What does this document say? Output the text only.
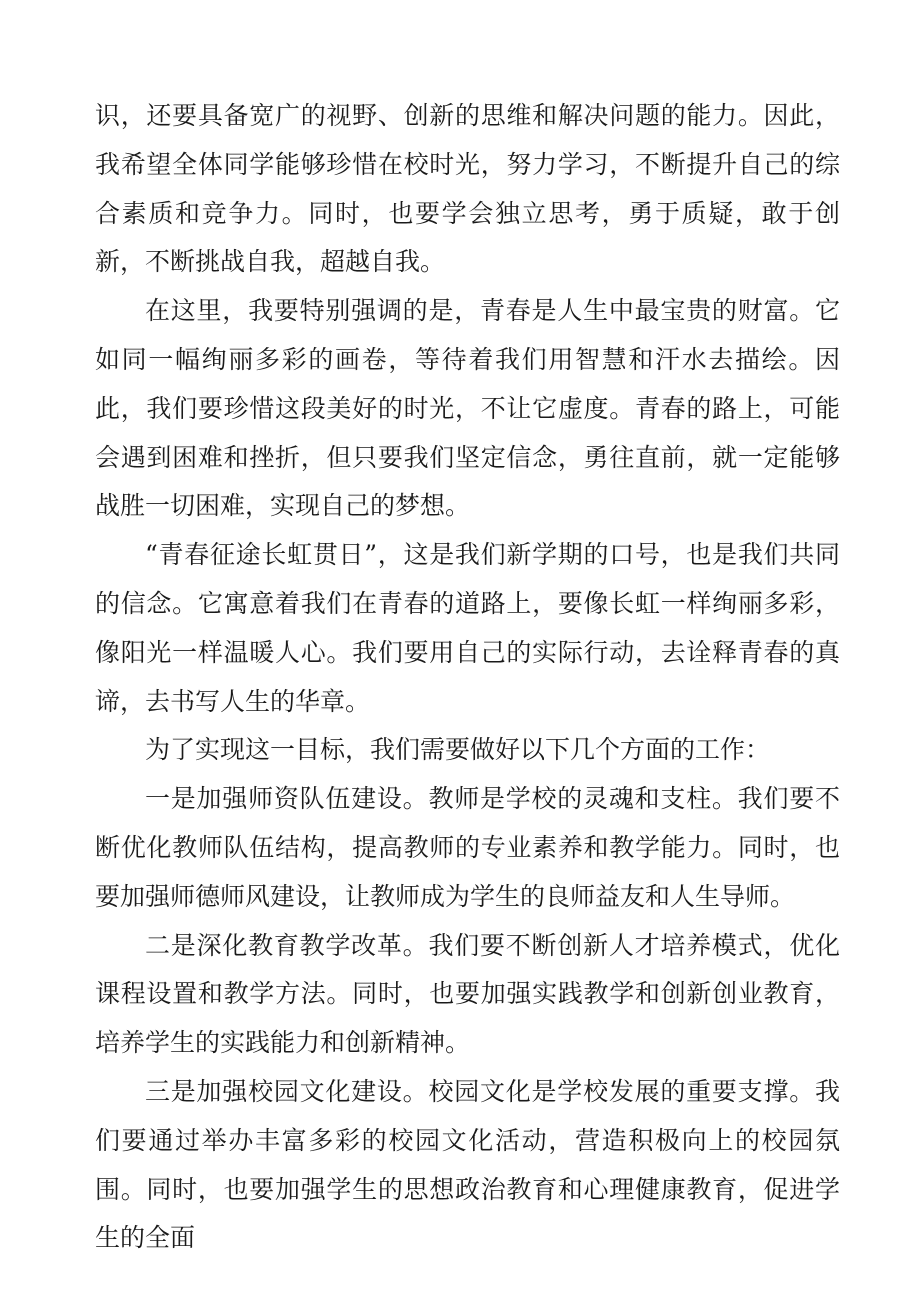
识，还要具备宽广的视野、创新的思维和解决问题的能力。因此，我希望全体同学能够珍惜在校时光，努力学习，不断提升自己的综合素质和竞争力。同时，也要学会独立思考，勇于质疑，敢于创新，不断挑战自我，超越自我。

在这里，我要特别强调的是，青春是人生中最宝贵的财富。它如同一幅绚丽多彩的画卷，等待着我们用智慧和汗水去描绘。因此，我们要珍惜这段美好的时光，不让它虚度。青春的路上，可能会遇到困难和挫折，但只要我们坚定信念，勇往直前，就一定能够战胜一切困难，实现自己的梦想。

“青春征途长虹贯日”，这是我们新学期的口号，也是我们共同的信念。它寓意着我们在青春的道路上，要像长虹一样绚丽多彩，像阳光一样温暖人心。我们要用自己的实际行动，去诠释青春的真谛，去书写人生的华章。

为了实现这一目标，我们需要做好以下几个方面的工作：

一是加强师资队伍建设。教师是学校的灵魂和支柱。我们要不断优化教师队伍结构，提高教师的专业素养和教学能力。同时，也要加强师德师风建设，让教师成为学生的良师益友和人生导师。

二是深化教育教学改革。我们要不断创新人才培养模式，优化课程设置和教学方法。同时，也要加强实践教学和创新创业教育，培养学生的实践能力和创新精神。

三是加强校园文化建设。校园文化是学校发展的重要支撑。我们要通过举办丰富多彩的校园文化活动，营造积极向上的校园氛围。同时，也要加强学生的思想政治教育和心理健康教育，促进学生的全面
